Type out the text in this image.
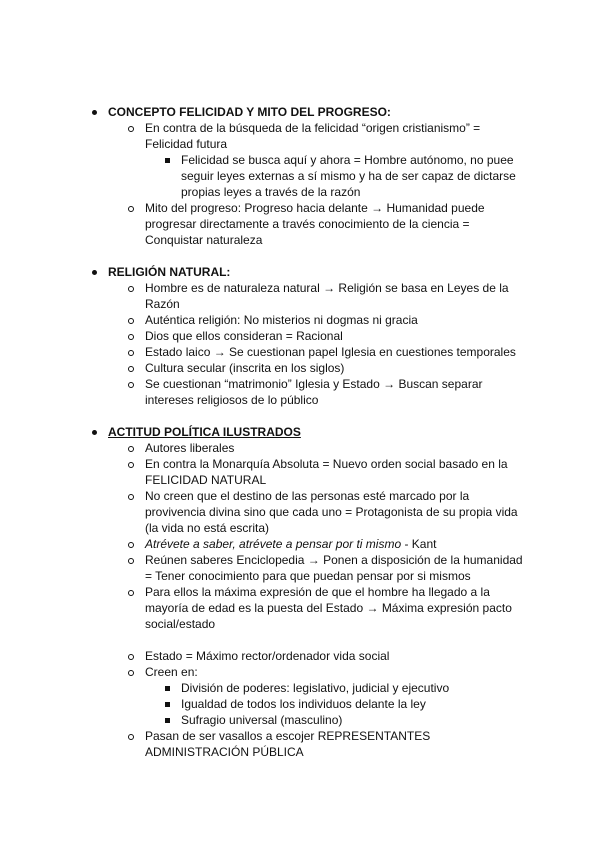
CONCEPTO FELICIDAD Y MITO DEL PROGRESO:
En contra de la búsqueda de la felicidad “origen cristianismo” =
Felicidad futura
Felicidad se busca aquí y ahora = Hombre autónomo, no puee
seguir leyes externas a sí mismo y ha de ser capaz de dictarse
propias leyes a través de la razón
Mito del progreso: Progreso hacia delante → Humanidad puede
progresar directamente a través conocimiento de la ciencia =
Conquistar naturaleza
RELIGIÓN NATURAL:
Hombre es de naturaleza natural → Religión se basa en Leyes de la
Razón
Auténtica religión: No misterios ni dogmas ni gracia
Dios que ellos consideran = Racional
Estado laico → Se cuestionan papel Iglesia en cuestiones temporales
Cultura secular (inscrita en los siglos)
Se cuestionan “matrimonio” Iglesia y Estado → Buscan separar
intereses religiosos de lo público
ACTITUD POLÍTICA ILUSTRADOS
Autores liberales
En contra la Monarquía Absoluta = Nuevo orden social basado en la
FELICIDAD NATURAL
No creen que el destino de las personas esté marcado por la
provivencia divina sino que cada uno = Protagonista de su propia vida
(la vida no está escrita)
Atrévete a saber, atrévete a pensar por ti mismo - Kant
Reúnen saberes Enciclopedia → Ponen a disposición de la humanidad
= Tener conocimiento para que puedan pensar por si mismos
Para ellos la máxima expresión de que el hombre ha llegado a la
mayoría de edad es la puesta del Estado → Máxima expresión pacto
social/estado
Estado = Máximo rector/ordenador vida social
Creen en:
División de poderes: legislativo, judicial y ejecutivo
Igualdad de todos los individuos delante la ley
Sufragio universal (masculino)
Pasan de ser vasallos a escojer REPRESENTANTES
ADMINISTRACIÓN PÚBLICA
